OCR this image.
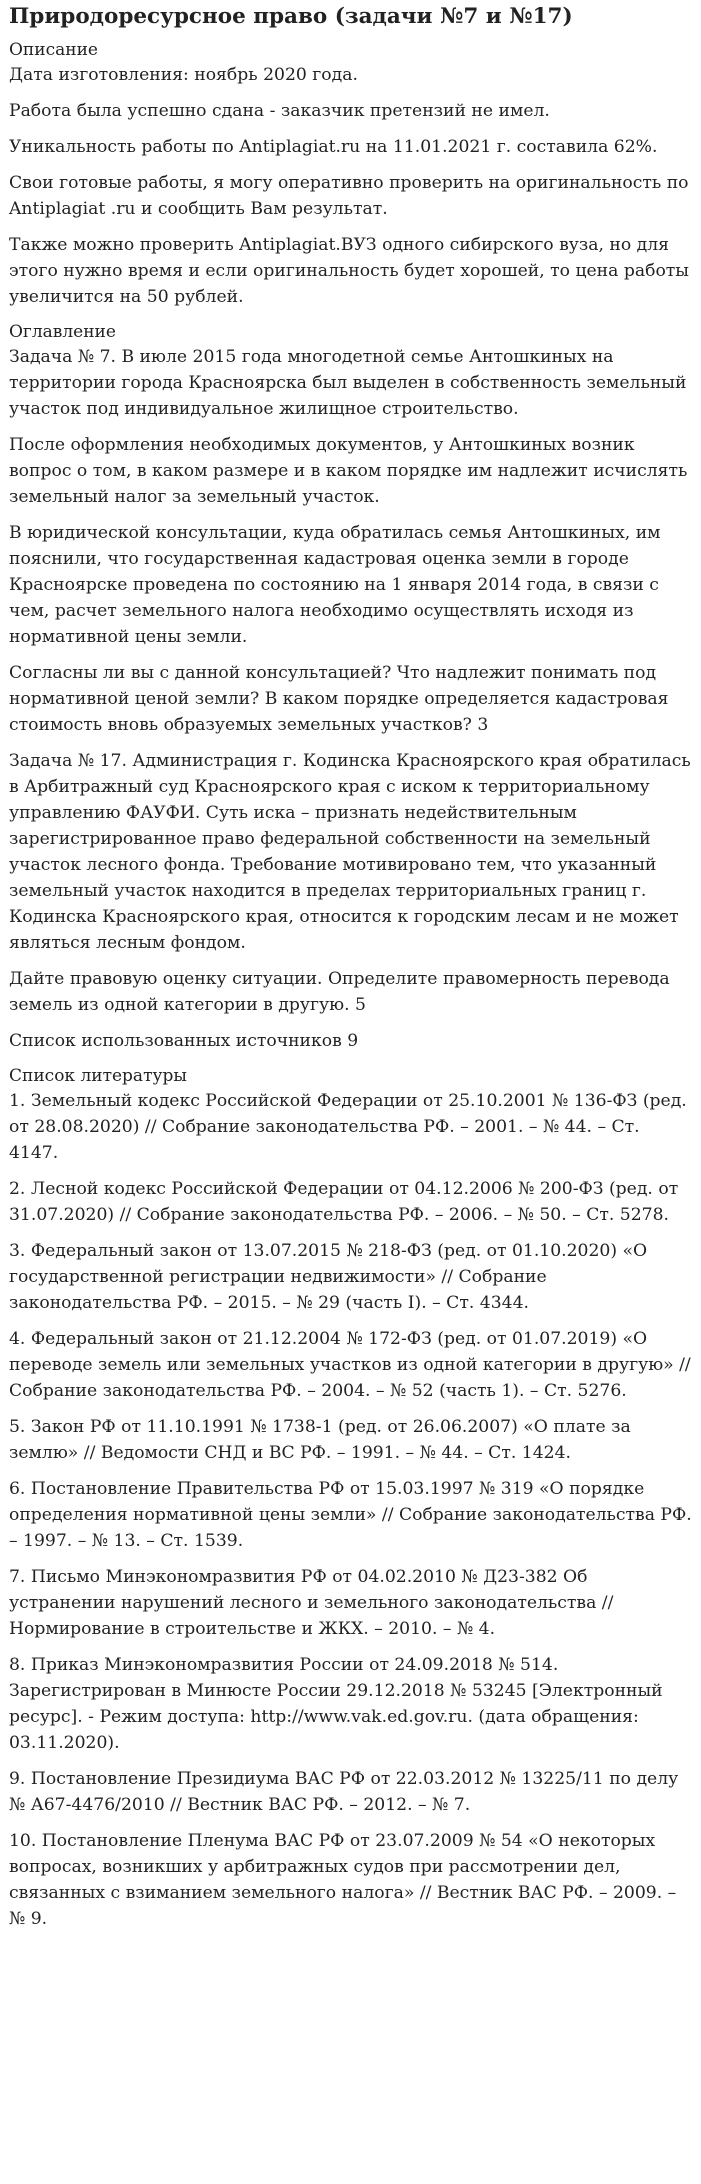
Природоресурсное право (задачи №7 и №17)
Описание

Дата изготовления: ноябрь 2020 года.

Работа была успешно сдана - заказчик претензий не имел.

Уникальность работы по Antiplagiat.ru на 11.01.2021 г. составила 62%.

Свои готовые работы, я могу оперативно проверить на оригинальность по Antiplagiat .ru и сообщить Вам результат.

Также можно проверить Antiplagiat.ВУЗ одного сибирского вуза, но для этого нужно время и если оригинальность будет хорошей, то цена работы увеличится на 50 рублей.

Оглавление

Задача № 7. В июле 2015 года многодетной семье Антошкиных на территории города Красноярска был выделен в собственность земельный участок под индивидуальное жилищное строительство.

После оформления необходимых документов, у Антошкиных возник вопрос о том, в каком размере и в каком порядке им надлежит исчислять земельный налог за земельный участок.

В юридической консультации, куда обратилась семья Антошкиных, им пояснили, что государственная кадастровая оценка земли в городе Красноярске проведена по состоянию на 1 января 2014 года, в связи с чем, расчет земельного налога необходимо осуществлять исходя из нормативной цены земли.

Согласны ли вы с данной консультацией? Что надлежит понимать под нормативной ценой земли? В каком порядке определяется кадастровая стоимость вновь образуемых земельных участков? 3

Задача № 17. Администрация г. Кодинска Красноярского края обратилась в Арбитражный суд Красноярского края с иском к территориальному управлению ФАУФИ. Суть иска – признать недействительным зарегистрированное право федеральной собственности на земельный участок лесного фонда. Требование мотивировано тем, что указанный земельный участок находится в пределах территориальных границ г. Кодинска Красноярского края, относится к городским лесам и не может являться лесным фондом.

Дайте правовую оценку ситуации. Определите правомерность перевода земель из одной категории в другую. 5

Список использованных источников 9

Список литературы

1. Земельный кодекс Российской Федерации от 25.10.2001 № 136-ФЗ (ред. от 28.08.2020) // Собрание законодательства РФ. – 2001. – № 44. – Ст. 4147.

2. Лесной кодекс Российской Федерации от 04.12.2006 № 200-ФЗ (ред. от 31.07.2020) // Собрание законодательства РФ. – 2006. – № 50. – Ст. 5278.

3. Федеральный закон от 13.07.2015 № 218-ФЗ (ред. от 01.10.2020) «О государственной регистрации недвижимости» // Собрание законодательства РФ. – 2015. – № 29 (часть I). – Ст. 4344.

4. Федеральный закон от 21.12.2004 № 172-ФЗ (ред. от 01.07.2019) «О переводе земель или земельных участков из одной категории в другую» // Собрание законодательства РФ. – 2004. – № 52 (часть 1). – Ст. 5276.

5. Закон РФ от 11.10.1991 № 1738-1 (ред. от 26.06.2007) «О плате за землю» // Ведомости СНД и ВС РФ. – 1991. – № 44. – Ст. 1424.

6. Постановление Правительства РФ от 15.03.1997 № 319 «О порядке определения нормативной цены земли» // Собрание законодательства РФ. – 1997. – № 13. – Ст. 1539.

7. Письмо Минэкономразвития РФ от 04.02.2010 № Д23-382 Об устранении нарушений лесного и земельного законодательства // Нормирование в строительстве и ЖКХ. – 2010. – № 4.

8. Приказ Минэкономразвития России от 24.09.2018 № 514. Зарегистрирован в Минюсте России 29.12.2018 № 53245 [Электронный ресурс]. - Режим доступа: http://www.vak.ed.gov.ru. (дата обращения: 03.11.2020).

9. Постановление Президиума ВАС РФ от 22.03.2012 № 13225/11 по делу № А67-4476/2010 // Вестник ВАС РФ. – 2012. – № 7.

10. Постановление Пленума ВАС РФ от 23.07.2009 № 54 «О некоторых вопросах, возникших у арбитражных судов при рассмотрении дел, связанных с взиманием земельного налога» // Вестник ВАС РФ. – 2009. – № 9.
